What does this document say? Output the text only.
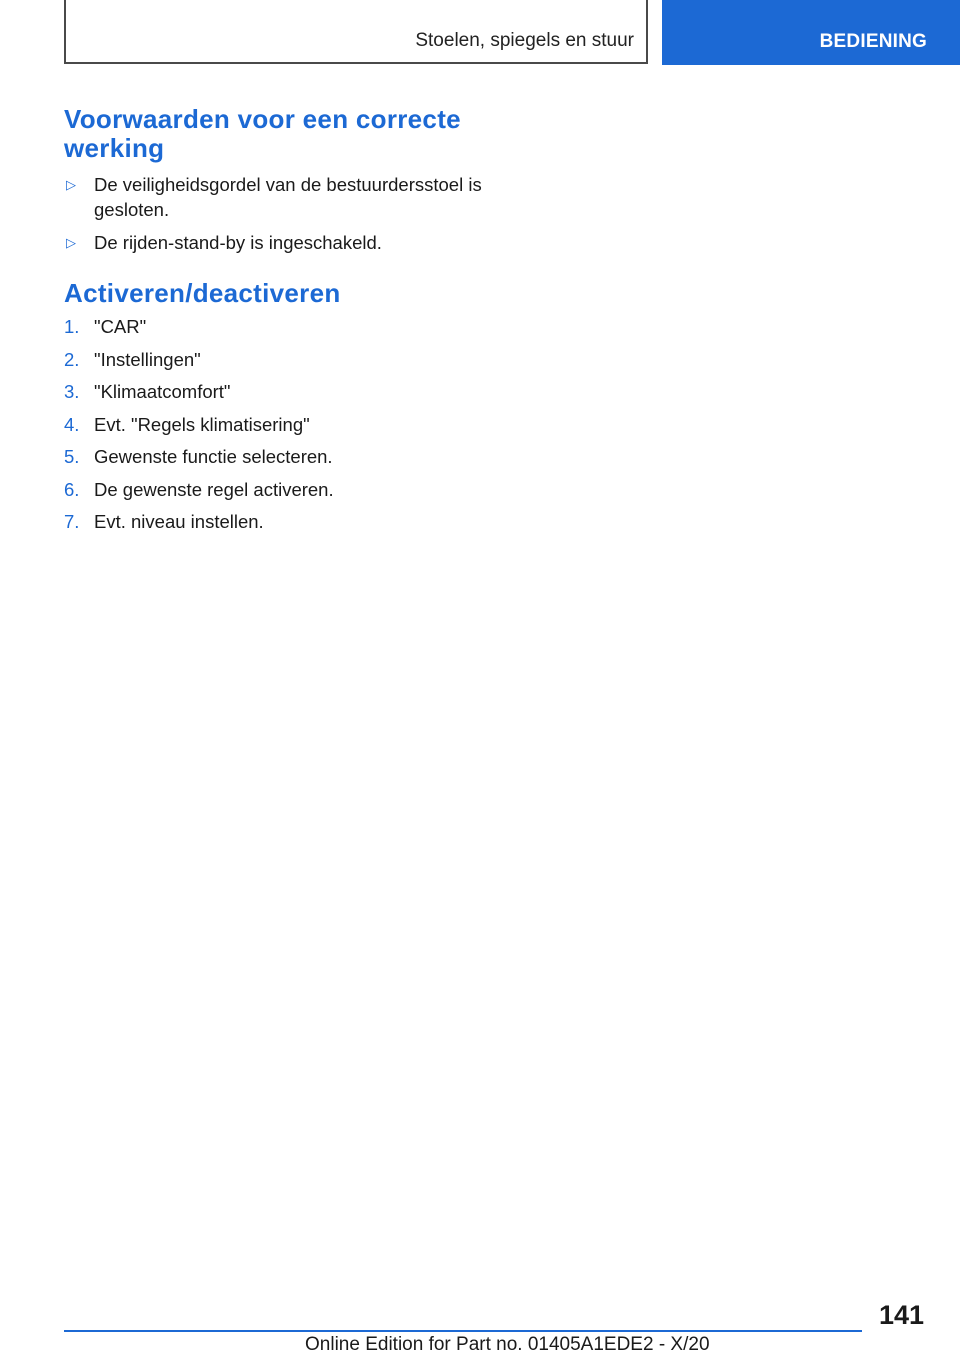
Stoelen, spiegels en stuur	BEDIENING
Voorwaarden voor een correcte werking
▷ De veiligheidsgordel van de bestuurdersstoel is gesloten.
▷ De rijden-stand-by is ingeschakeld.
Activeren/deactiveren
1. "CAR"
2. "Instellingen"
3. "Klimaatcomfort"
4. Evt. "Regels klimatisering"
5. Gewenste functie selecteren.
6. De gewenste regel activeren.
7. Evt. niveau instellen.
141
Online Edition for Part no. 01405A1EDE2 - X/20
